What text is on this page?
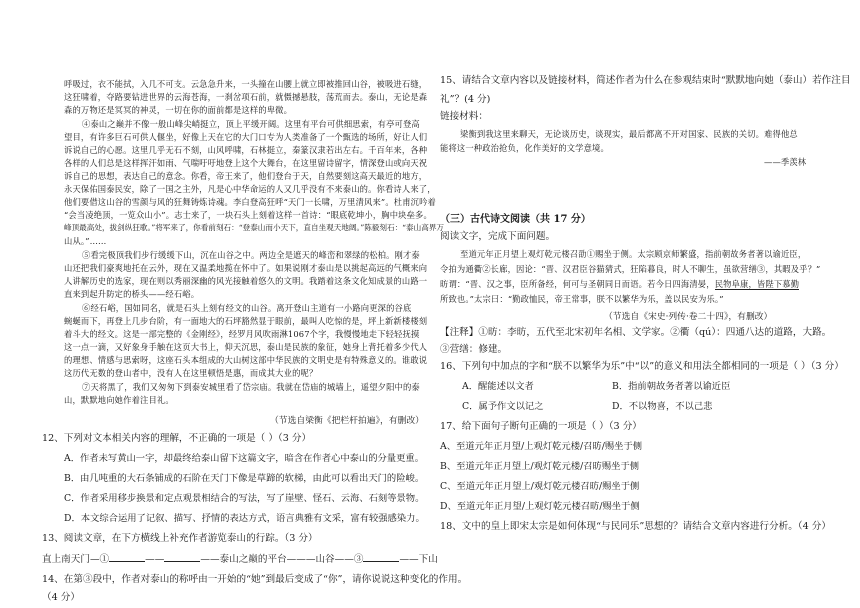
呼吸过，衣不能拭，入几不可支。云急急升来，一头撞在山腰上就立即被推回山谷，被吸进石缝，
这狂啸着，夺路要钻进世界的云海苍海，一刹岔项石前，就慑撼悬肢，荡荒而去。泰山，无论是森
森的万物还是冥冥的神灵，一切在你的面前都是这样的卑微。
④泰山之巅并不像一般山峰尖峭挺立，顶上平缓开阔。这里有平台可供细思索，有亭可登高
望目，有许多巨石可供人偃坐，好像上天在它的大门口专为人类准备了一个甄选的场所，好让人们
诉说自己的心愿。这里几乎无石不刻，山风呼啸，石林挺立，秦篆汉隶若出左右。千百年来，各种
各样的人们总是这样挥汗如雨、气喘吁吁地登上这个大舞台，在这里留诗留字，情深登山或向天祝
诉自己的思想，表达自己的意念。你看，帝王来了，他们登台于天，自然要刻这高天最近的地方，
永天保佑国泰民安，除了一国之主外，凡是心中华命运的人又几乎没有不来泰山的。你看诗人来了，
他们要借这山谷的雪颜与风的狂舞铸炼诗魂。李白登高狂呼“天门一长啸，万里清风来”。杜甫沉吟着
“会当凌绝顶，一览众山小”。志士来了，一块石头上刻着这样一首诗：“眼底乾坤小，胸中块垒多。
峰顶最高处，拔剑纵狂歌。”将军来了，你看前刻石：“登泰山而小天下，直自坐观天地阔。”陈毅刻石：“泰山高界万
山从。”……
⑤看完极顶我们步行缓缓下山，沉在山谷之中。两边全是遮天的峰峦和翠绿的松柏。刚才泰
山还把我们豪爽地托在云外，现在又温柔地揽在怀中了。如果说刚才泰山是以挑起高远的气概来向
人讲解历史的选家，现在则以秀丽深幽的风光接触着悠久的文明。我踏着这条文化知成景的山路一
直来到起升防定的桥头——经石峪。
⑥经石峪，国如同名，就是石头上刻有经文的山谷。离开登山主道有一小路向更深的谷底
蜿蜒而下，再登上几步台阶，有一面地大的石坪豁然显于眼前，最叫人吃惊的是，坪上新新楼楼刻
着斗大的经文。这是一部完整的《金刚经》，经罗月风吹雨淋1067个字，我慢慢地走下轻轻抚摸
这一点一滴，又好象身手触在这页大书上，仰天沉思，泰山是民族的象征，她身上背托着多少代人
的理想、情感与思索呀，这座石头本组成的大山树这部中华民族的文明史是有特殊意义的。谁敢说
这历代无数的登山者中，没有人在这里顿悟是惠，而成其大业的呢？
⑦天将黑了，我们又匆匆下到泰安城里看了岱宗庙。我就在岱庙的城墙上，遥望夕阳中的泰
山，默默地向她作着注目礼。
（节选自梁衡《把栏杆拍遍》，有删改）
12、下列对文本相关内容的理解，不正确的一项是（ ）（3 分）
A．作者未写黄山一字，却最终给泰山留下这篇文字，暗含在作者心中泰山的分量更重。
B．由几吨重的大石条铺成的石阶在天门下像是草蹄的软梯，由此可以看出天门的险峻。
C．作者采用移步换景和定点观景相结合的写法，写了崖壁、怪石、云海、石刻等景物。
D．本文综合运用了记叙、描写、抒情的表达方式，语言典雅有文采，富有较强感染力。
13、阅读文章，在下方横线上补充作者游览泰山的行踪。（3 分）
直上南天门—①	——	——泰山之巅的平台———山谷——③	——下山
14、在第③段中，作者对泰山的称呼由一开始的“她”到最后变成了“你”，请你说说这种变化的作用。
（4 分）
15、请结合文章内容以及链接材料，简述作者为什么在参观结束时“默默地向她（泰山）若作注目
礼”？(4 分)
链接材料：
梁衡到我这里来聊天，无论谈历史，谈现实，最后都离不开对国家、民族的关切。难得他总
能将这一种政治抢负，化作美好的文学意境。
——季羡林
（三）古代诗文阅读（共 17 分）
阅读文字，完成下面问题。
至道元年正月望上观灯乾元楼召劭①赐坐于侧。太宗顾京师繁盛，指前朝故务者著以谕近臣，
令拍为通衢②长廊，因论：“晋、汉君臣谷猫猜式，狂陷暮良，时人不聊生，虽欲营缮③，其暇及乎？”
昉谓：“晋、汉之事，臣所备经，何可与圣朝同日而语。若今日四海清晏，民物阜康，皆陛下慕勤
所致也。”太宗曰：“勤政恤民，帝王常事，朕不以繁华为乐，盖以民安为乐。”
（节选自《宋史·列传·卷二十四》，有删改）
【注释】①昉：李昉，五代至北宋初年名相、文学家。②衢（qú）：四通八达的道路，大路。
③营缮：修建。
16、下列句中加点的字和“朕不以繁华为乐”中“以”的意义和用法全都相同的一项是（ ）（3 分）
A．醒能述以文者	B．指前朝故务者著以谕近臣
C．属予作文以记之	D．不以物喜，不以己悲
17、给下面句子断句正确的一项是（ ）（3 分）
A、至道元年正月望/上观灯乾元楼/召昉/赐坐于侧
B、至道元年正月望上/观灯乾元楼/召昉赐坐于侧
C、至道元年正月望上/观灯乾元楼召昉/赐坐于侧
D、至道元年正月望/上观灯乾元楼召昉/赐坐于侧
18、文中的皇上即宋太宗是如何体现“与民同乐”思想的？请结合文章内容进行分析。（4 分）
